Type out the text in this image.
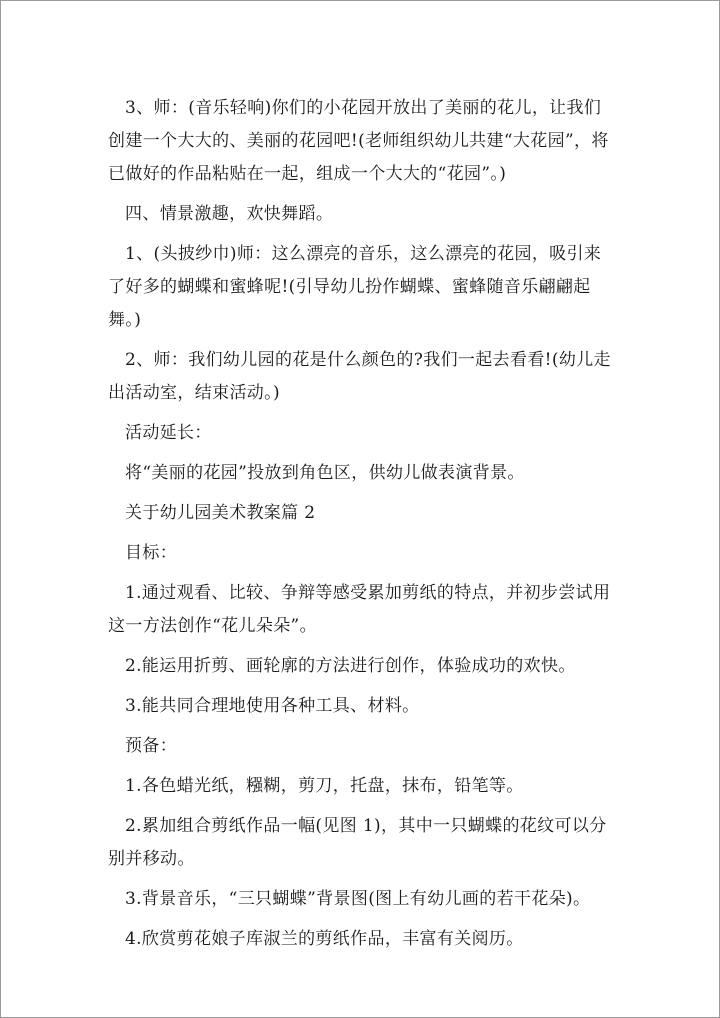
3、师：(音乐轻响)你们的小花园开放出了美丽的花儿，让我们创建一个大大的、美丽的花园吧!(老师组织幼儿共建“大花园”，将已做好的作品粘贴在一起，组成一个大大的“花园”。)

四、情景激趣，欢快舞蹈。

1、(头披纱巾)师：这么漂亮的音乐，这么漂亮的花园，吸引来了好多的蝴蝶和蜜蜂呢!(引导幼儿扮作蝴蝶、蜜蜂随音乐翩翩起舞。)

2、师：我们幼儿园的花是什么颜色的?我们一起去看看!(幼儿走出活动室，结束活动。)

活动延长：

将“美丽的花园”投放到角色区，供幼儿做表演背景。

关于幼儿园美术教案篇 2

目标：

1.通过观看、比较、争辩等感受累加剪纸的特点，并初步尝试用这一方法创作“花儿朵朵”。

2.能运用折剪、画轮廓的方法进行创作，体验成功的欢快。

3.能共同合理地使用各种工具、材料。

预备：

1.各色蜡光纸，糨糊，剪刀，托盘，抹布，铅笔等。

2.累加组合剪纸作品一幅(见图 1)，其中一只蝴蝶的花纹可以分别并移动。

3.背景音乐，“三只蝴蝶”背景图(图上有幼儿画的若干花朵)。

4.欣赏剪花娘子库淑兰的剪纸作品，丰富有关阅历。
